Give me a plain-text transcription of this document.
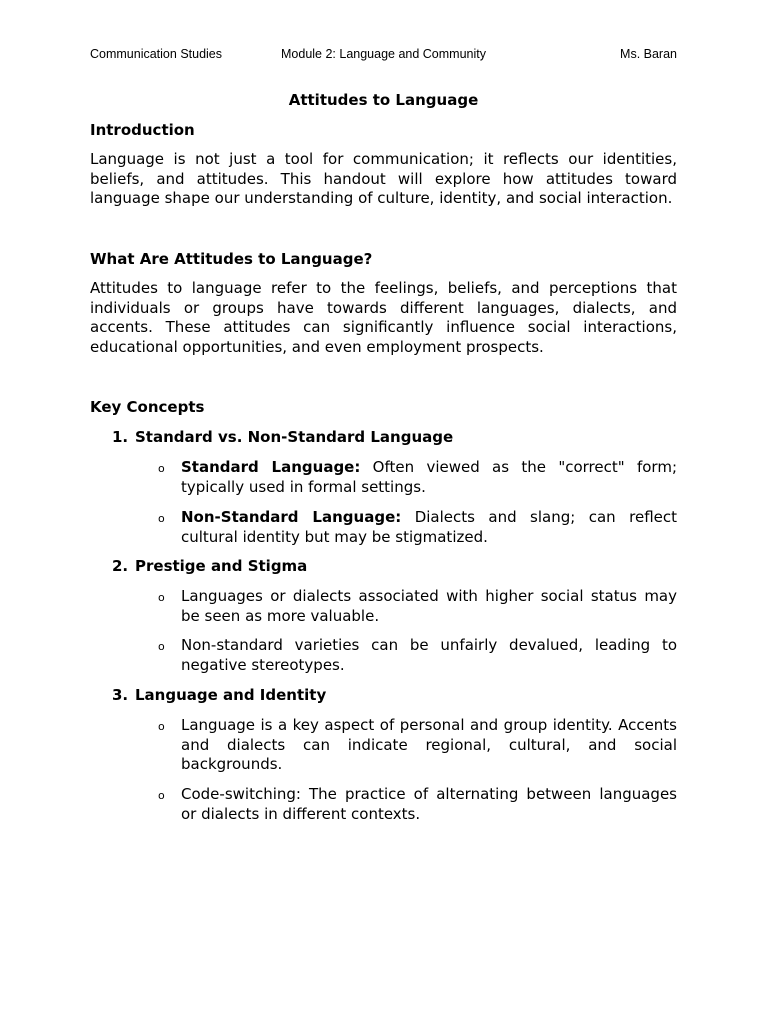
Communication Studies	Module 2: Language and Community	Ms. Baran
Attitudes to Language
Introduction

Language is not just a tool for communication; it reflects our identities, beliefs, and attitudes. This handout will explore how attitudes toward language shape our understanding of culture, identity, and social interaction.

What Are Attitudes to Language?

Attitudes to language refer to the feelings, beliefs, and perceptions that individuals or groups have towards different languages, dialects, and accents. These attitudes can significantly influence social interactions, educational opportunities, and even employment prospects.

Key Concepts
1. Standard vs. Non-Standard Language
o	Standard Language: Often viewed as the "correct" form; typically used in formal settings.

o	Non-Standard Language: Dialects and slang; can reflect cultural identity but may be stigmatized.

2. Prestige and Stigma
o	Languages or dialects associated with higher social status may be seen as more valuable.

o	Non-standard varieties can be unfairly devalued, leading to negative stereotypes.

3. Language and Identity
o	Language is a key aspect of personal and group identity. Accents and dialects can indicate regional, cultural, and social backgrounds.

o	Code-switching: The practice of alternating between languages or dialects in different contexts.
